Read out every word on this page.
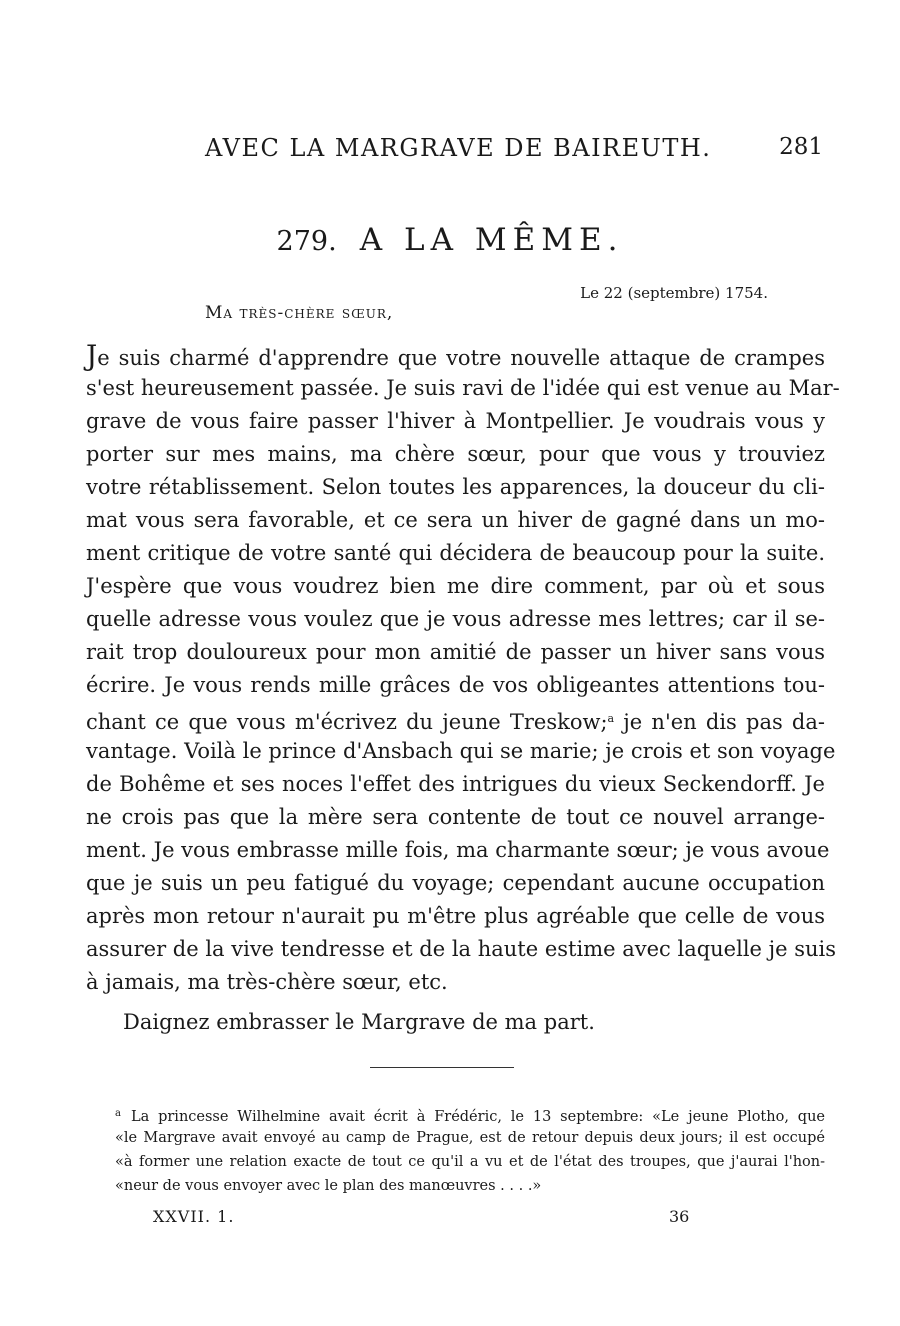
AVEC LA MARGRAVE DE BAIREUTH.	281
279. A LA MÊME.
Le 22 (septembre) 1754.
Ma très-chère sœur,
Je suis charmé d'apprendre que votre nouvelle attaque de crampes
s'est heureusement passée. Je suis ravi de l'idée qui est venue au Mar-
grave de vous faire passer l'hiver à Montpellier. Je voudrais vous y
porter sur mes mains, ma chère sœur, pour que vous y trouviez
votre rétablissement. Selon toutes les apparences, la douceur du cli-
mat vous sera favorable, et ce sera un hiver de gagné dans un mo-
ment critique de votre santé qui décidera de beaucoup pour la suite.
J'espère que vous voudrez bien me dire comment, par où et sous
quelle adresse vous voulez que je vous adresse mes lettres; car il se-
rait trop douloureux pour mon amitié de passer un hiver sans vous
écrire. Je vous rends mille grâces de vos obligeantes attentions tou-
chant ce que vous m'écrivez du jeune Treskow;$^a$ je n'en dis pas da-
vantage. Voilà le prince d'Ansbach qui se marie; je crois et son voyage
de Bohême et ses noces l'effet des intrigues du vieux Seckendorff. Je
ne crois pas que la mère sera contente de tout ce nouvel arrange-
ment. Je vous embrasse mille fois, ma charmante sœur; je vous avoue
que je suis un peu fatigué du voyage; cependant aucune occupation
après mon retour n'aurait pu m'être plus agréable que celle de vous
assurer de la vive tendresse et de la haute estime avec laquelle je suis
à jamais, ma très-chère sœur, etc.
Daignez embrasser le Margrave de ma part.
$^a$ La princesse Wilhelmine avait écrit à Frédéric, le 13 septembre: «Le jeune Plotho, que
«le Margrave avait envoyé au camp de Prague, est de retour depuis deux jours; il est occupé
«à former une relation exacte de tout ce qu'il a vu et de l'état des troupes, que j'aurai l'hon-
«neur de vous envoyer avec le plan des manœuvres . . . .»
XXVII. 1.	36
